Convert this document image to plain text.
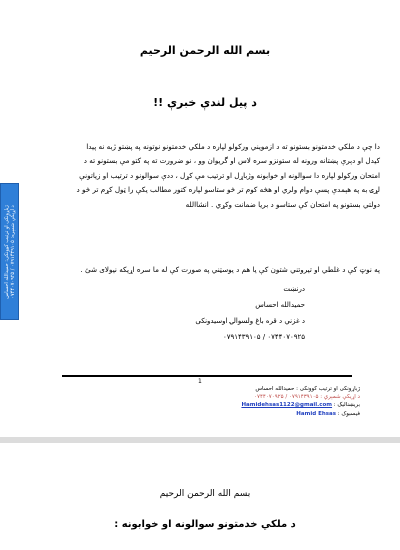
بسم الله الرحمن الرحيم
د پیل لندې خبرې !!
دا چې د ملکي خدمتونو بستونو ته د ازمویني ورکولو لپاره د ملکي خدمتونو نوتونه په پښتو ژبه نه پیدا
کیدل او دېرې پښتانه ورونه له ستونزو سره لاس او گریوان وو ، نو ضرورت ته په کتو مې بستونو ته د
امتحان ورکولو لپاره دا سوالونه او خوابونه وژباړل او ترتیب مې کړل ، ددې سوالونو د ترتیب او زیاتونې
لړۍ به په هېمدې پسې دوام ولري او هڅه کوم تر څو ستاسو لپاره کتور مطالب یکې را ټول کړم تر څو د
دولتي بستونو په امتحان کې ستاسو د بریا ضمانت وکړي . انشاالله
په نوټ کې د غلطي او تیروتني شتون کې یا هم د یوسټني په صورت کې له ما سره اړیکه نیولای شئ .
درنښت
حمیدالله احساس
د غزني د قره باغ ولسوالۍ اوسیدونکی
۰۷۴۴۰۷۰۹۲۵ / ۰۷۹۱۴۳۹۱۰۵
ژباړونکی او ترتیب کوونکی: حمیدالله احساس د اړیکې شمېره: ۰۷۹۱۴۳۹۱۰۵ / ۰۷۴۴۰۷۰۹۲۵
1
ژباړونکی او ترتیب کوونکی : حمیدالله احساس
د اړیکې شمېرې : ۰۷۹۱۴۳۹۱۰۵ / ۰۷۴۴۰۷۰۹۲۵
بریښنالیک : Hamidehsas1122@gmail.com
فیسبوک : Hamid Ehsas
بسم الله الرحمن الرحيم
د ملکي خدمتونو سوالونه او خوابونه :
